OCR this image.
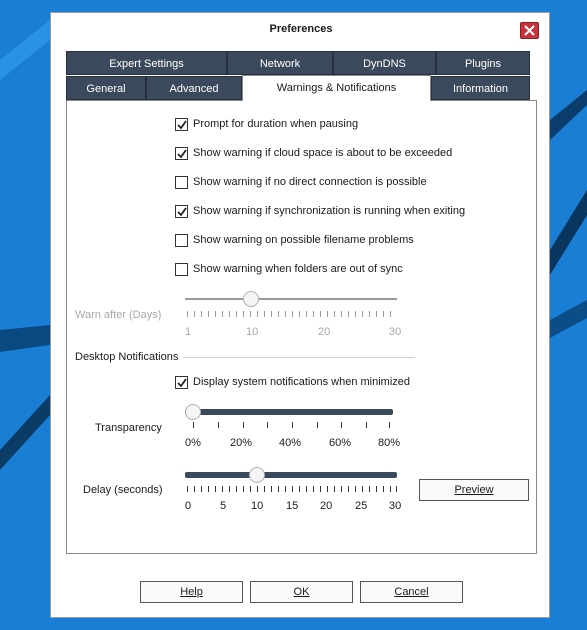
Preferences
Expert Settings	Network	DynDNS	Plugins
General	Advanced	Warnings & Notifications	Information
Prompt for duration when pausing
Show warning if cloud space is about to be exceeded
Show warning if no direct connection is possible
Show warning if synchronization is running when exiting
Show warning on possible filename problems
Show warning when folders are out of sync
Warn after (Days)
1	10	20	30
Desktop Notifications
Display system notifications when minimized
Transparency
0%	20% 40%	60% 80%
Delay (seconds)
0	5 10 15 20 25 30
Preview
Help	OK	Cancel
